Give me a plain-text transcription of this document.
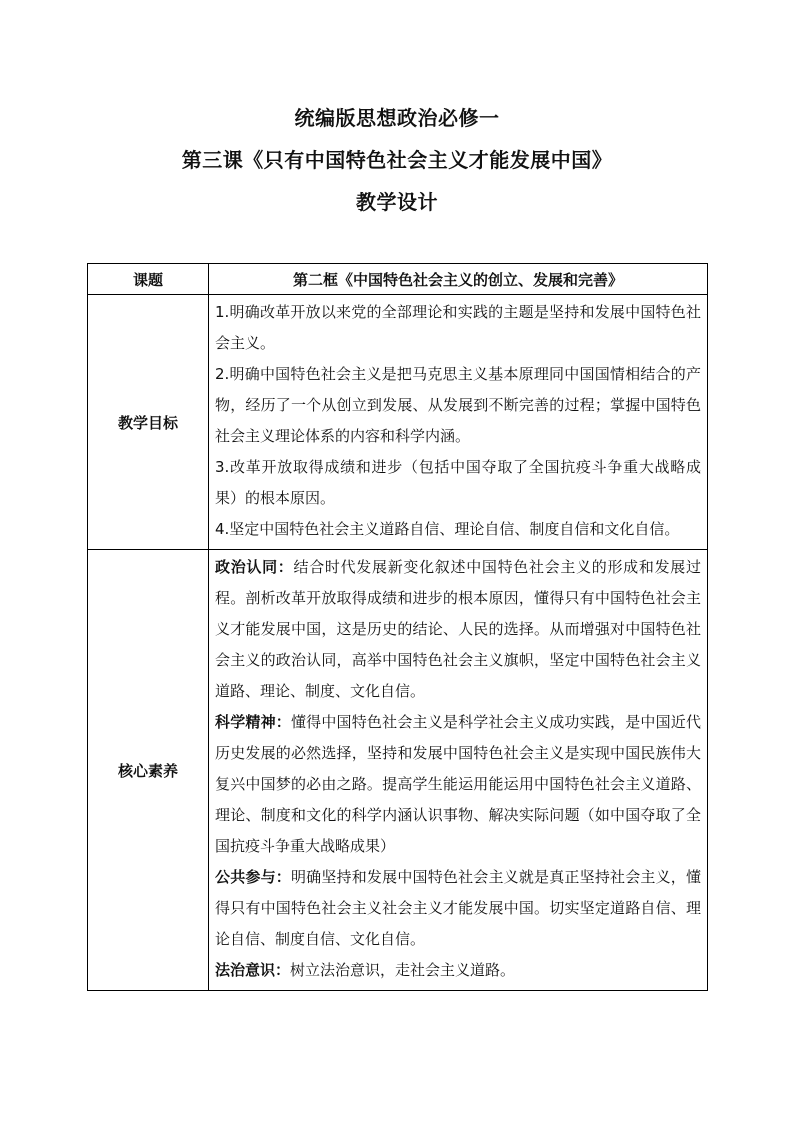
统编版思想政治必修一
第三课《只有中国特色社会主义才能发展中国》
教学设计
课题	第二框《中国特色社会主义的创立、发展和完善》
教学目标	1.明确改革开放以来党的全部理论和实践的主题是坚持和发展中国特色社会主义。

2.明确中国特色社会主义是把马克思主义基本原理同中国国情相结合的产物，经历了一个从创立到发展、从发展到不断完善的过程；掌握中国特色社会主义理论体系的内容和科学内涵。

3.改革开放取得成绩和进步（包括中国夺取了全国抗疫斗争重大战略成果）的根本原因。

4.坚定中国特色社会主义道路自信、理论自信、制度自信和文化自信。

核心素养	政治认同：结合时代发展新变化叙述中国特色社会主义的形成和发展过程。剖析改革开放取得成绩和进步的根本原因，懂得只有中国特色社会主义才能发展中国，这是历史的结论、人民的选择。从而增强对中国特色社会主义的政治认同，高举中国特色社会主义旗帜，坚定中国特色社会主义道路、理论、制度、文化自信。

科学精神：懂得中国特色社会主义是科学社会主义成功实践，是中国近代历史发展的必然选择，坚持和发展中国特色社会主义是实现中国民族伟大复兴中国梦的必由之路。提高学生能运用能运用中国特色社会主义道路、理论、制度和文化的科学内涵认识事物、解决实际问题（如中国夺取了全国抗疫斗争重大战略成果）

公共参与：明确坚持和发展中国特色社会主义就是真正坚持社会主义，懂得只有中国特色社会主义社会主义才能发展中国。切实坚定道路自信、理论自信、制度自信、文化自信。

法治意识：树立法治意识，走社会主义道路。
